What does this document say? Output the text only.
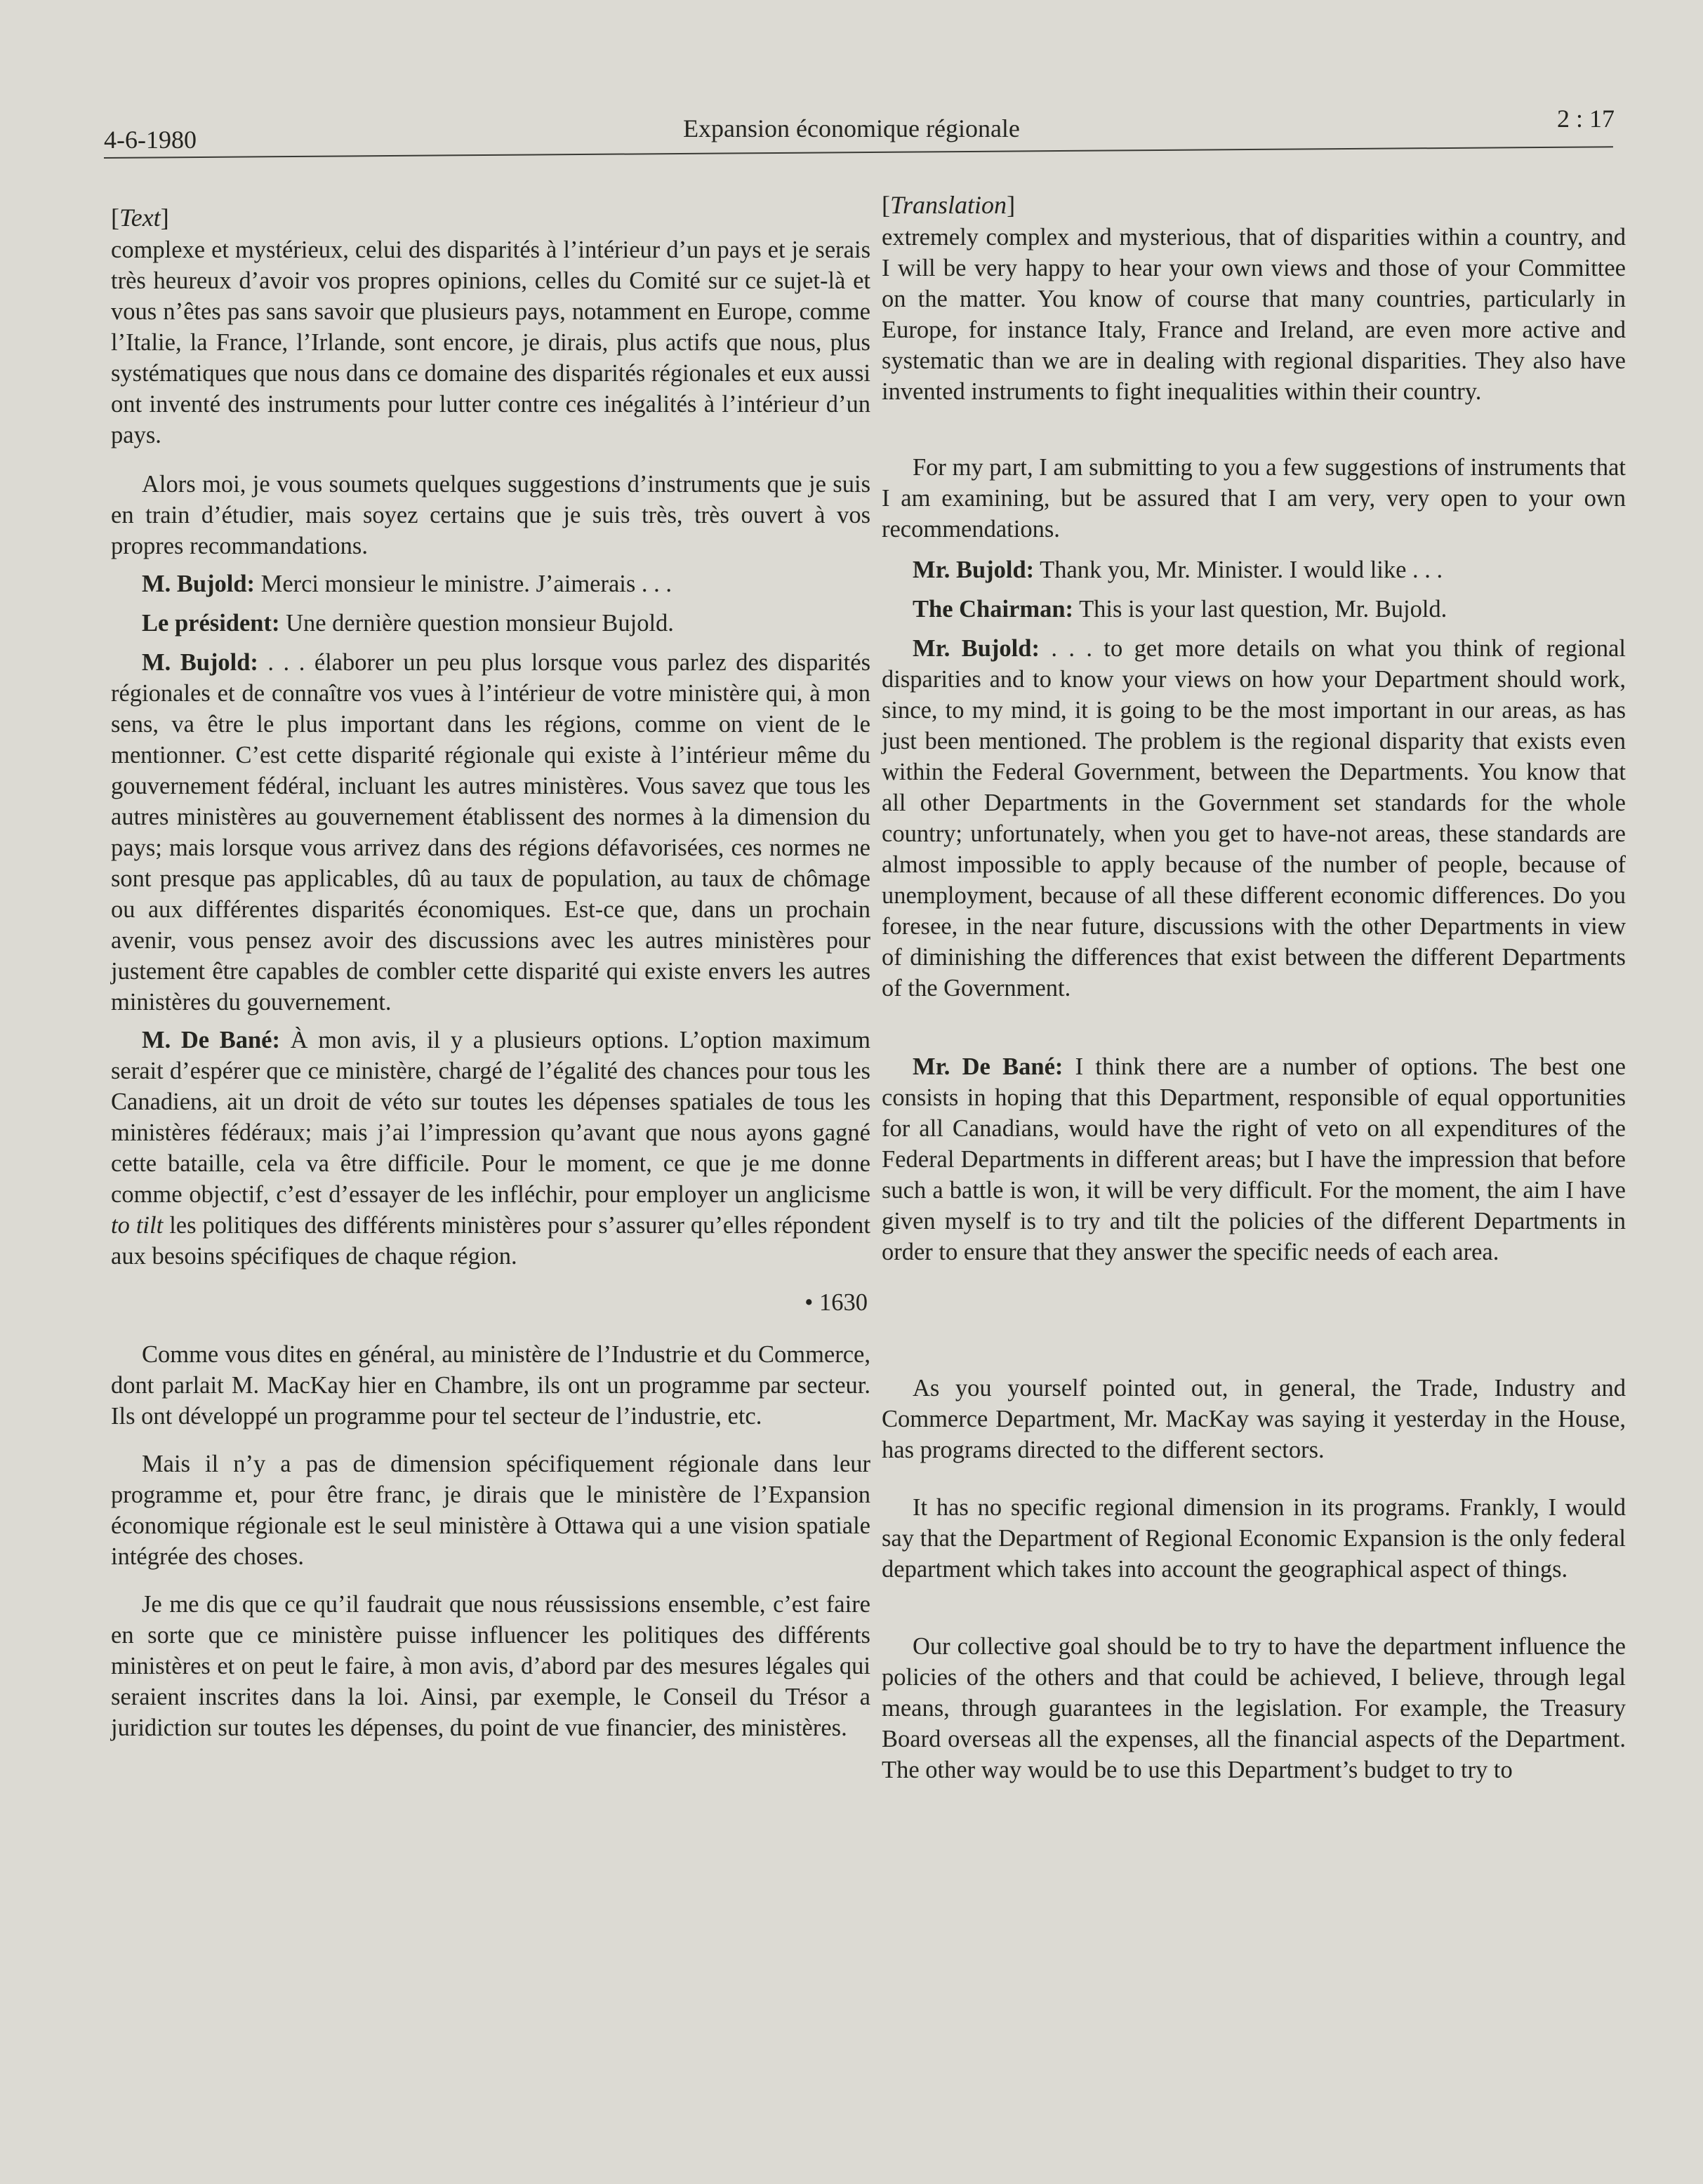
4-6-1980	Expansion économique régionale	2 : 17
[Text]

complexe et mystérieux, celui des disparités à l’intérieur d’un pays et je serais très heureux d’avoir vos propres opinions, celles du Comité sur ce sujet-là et vous n’êtes pas sans savoir que plusieurs pays, notamment en Europe, comme l’Italie, la France, l’Irlande, sont encore, je dirais, plus actifs que nous, plus systématiques que nous dans ce domaine des disparités régionales et eux aussi ont inventé des instruments pour lutter contre ces inégalités à l’intérieur d’un pays.

Alors moi, je vous soumets quelques suggestions d’instruments que je suis en train d’étudier, mais soyez certains que je suis très, très ouvert à vos propres recommandations.

M. Bujold: Merci monsieur le ministre. J’aimerais . . .

Le président: Une dernière question monsieur Bujold.

M. Bujold: . . . élaborer un peu plus lorsque vous parlez des disparités régionales et de connaître vos vues à l’intérieur de votre ministère qui, à mon sens, va être le plus important dans les régions, comme on vient de le mentionner. C’est cette disparité régionale qui existe à l’intérieur même du gouvernement fédéral, incluant les autres ministères. Vous savez que tous les autres ministères au gouvernement établissent des normes à la dimension du pays; mais lorsque vous arrivez dans des régions défavorisées, ces normes ne sont presque pas applicables, dû au taux de population, au taux de chômage ou aux différentes disparités économiques. Est-ce que, dans un prochain avenir, vous pensez avoir des discussions avec les autres ministères pour justement être capables de combler cette disparité qui existe envers les autres ministères du gouvernement.

M. De Bané: À mon avis, il y a plusieurs options. L’option maximum serait d’espérer que ce ministère, chargé de l’égalité des chances pour tous les Canadiens, ait un droit de véto sur toutes les dépenses spatiales de tous les ministères fédéraux; mais j’ai l’impression qu’avant que nous ayons gagné cette bataille, cela va être difficile. Pour le moment, ce que je me donne comme objectif, c’est d’essayer de les infléchir, pour employer un anglicisme to tilt les politiques des différents ministères pour s’assurer qu’elles répondent aux besoins spécifiques de chaque région.

• 1630

Comme vous dites en général, au ministère de l’Industrie et du Commerce, dont parlait M. MacKay hier en Chambre, ils ont un programme par secteur. Ils ont développé un programme pour tel secteur de l’industrie, etc.

Mais il n’y a pas de dimension spécifiquement régionale dans leur programme et, pour être franc, je dirais que le ministère de l’Expansion économique régionale est le seul ministère à Ottawa qui a une vision spatiale intégrée des choses.

Je me dis que ce qu’il faudrait que nous réussissions ensemble, c’est faire en sorte que ce ministère puisse influencer les politiques des différents ministères et on peut le faire, à mon avis, d’abord par des mesures légales qui seraient inscrites dans la loi. Ainsi, par exemple, le Conseil du Trésor a juridiction sur toutes les dépenses, du point de vue financier, des ministères.

[Translation]

extremely complex and mysterious, that of disparities within a country, and I will be very happy to hear your own views and those of your Committee on the matter. You know of course that many countries, particularly in Europe, for instance Italy, France and Ireland, are even more active and systematic than we are in dealing with regional disparities. They also have invented instruments to fight inequalities within their country.

For my part, I am submitting to you a few suggestions of instruments that I am examining, but be assured that I am very, very open to your own recommendations.

Mr. Bujold: Thank you, Mr. Minister. I would like . . .

The Chairman: This is your last question, Mr. Bujold.

Mr. Bujold: . . . to get more details on what you think of regional disparities and to know your views on how your Department should work, since, to my mind, it is going to be the most important in our areas, as has just been mentioned. The problem is the regional disparity that exists even within the Federal Government, between the Departments. You know that all other Departments in the Government set standards for the whole country; unfortunately, when you get to have-not areas, these standards are almost impossible to apply because of the number of people, because of unemployment, because of all these different economic differences. Do you foresee, in the near future, discussions with the other Departments in view of diminishing the differences that exist between the different Departments of the Government.

Mr. De Bané: I think there are a number of options. The best one consists in hoping that this Department, responsible of equal opportunities for all Canadians, would have the right of veto on all expenditures of the Federal Departments in different areas; but I have the impression that before such a battle is won, it will be very difficult. For the moment, the aim I have given myself is to try and tilt the policies of the different Departments in order to ensure that they answer the specific needs of each area.

As you yourself pointed out, in general, the Trade, Industry and Commerce Department, Mr. MacKay was saying it yesterday in the House, has programs directed to the different sectors.

It has no specific regional dimension in its programs. Frankly, I would say that the Department of Regional Economic Expansion is the only federal department which takes into account the geographical aspect of things.

Our collective goal should be to try to have the department influence the policies of the others and that could be achieved, I believe, through legal means, through guarantees in the legislation. For example, the Treasury Board overseas all the expenses, all the financial aspects of the Department. The other way would be to use this Department’s budget to try to
